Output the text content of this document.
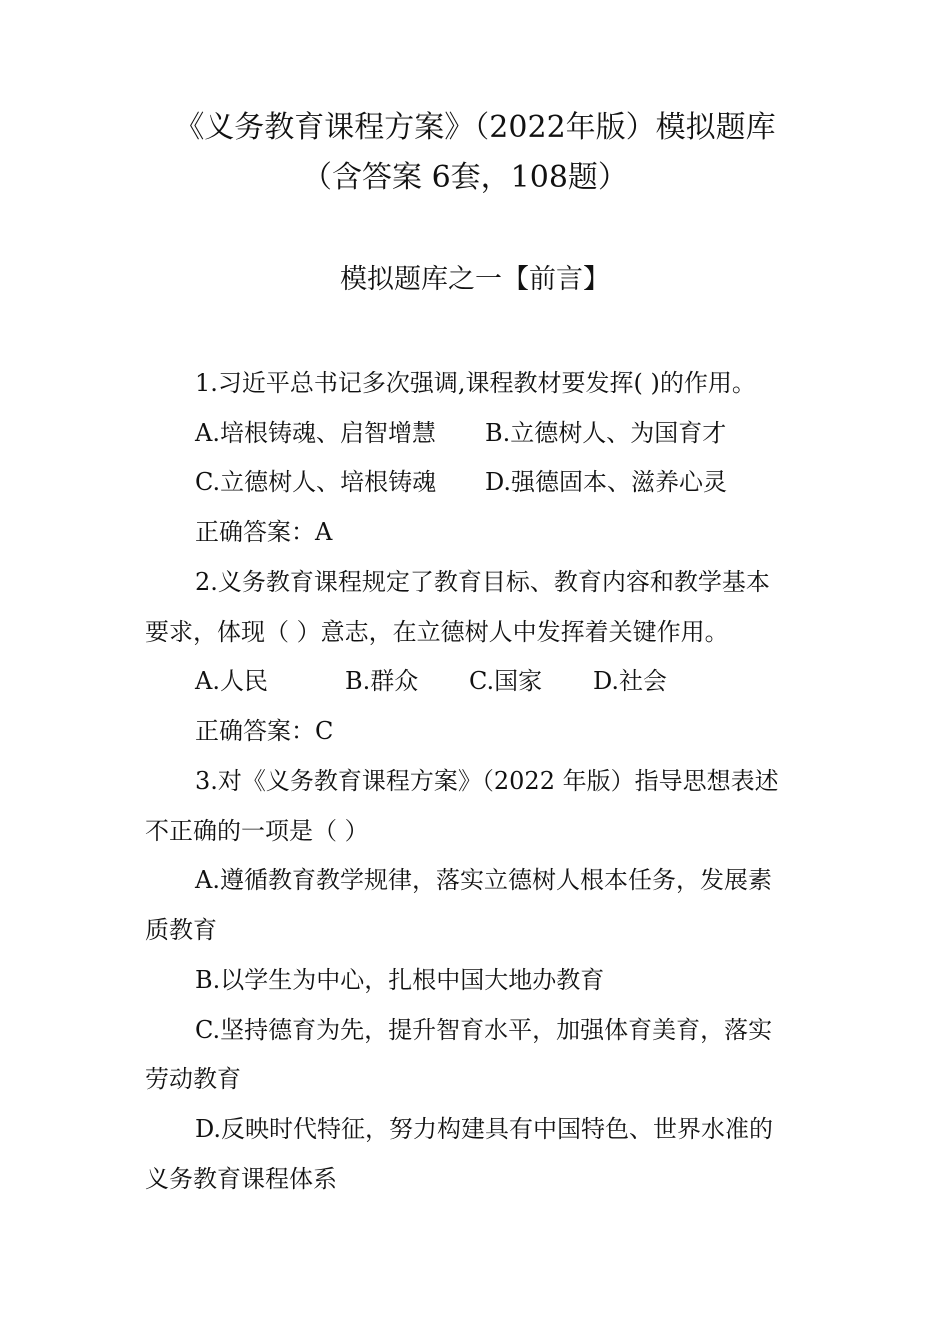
《义务教育课程方案》（2022年版）模拟题库
（含答案 6套，108题）
模拟题库之一【前言】
1.习近平总书记多次强调,课程教材要发挥( )的作用。
A.培根铸魂、启智增慧 B.立德树人、为国育才
C.立德树人、培根铸魂 D.强德固本、滋养心灵
正确答案：A
2.义务教育课程规定了教育目标、教育内容和教学基本
要求，体现（ ）意志，在立德树人中发挥着关键作用。
A.人民	B.群众 C.国家 D.社会
正确答案：C
3.对《义务教育课程方案》（2022 年版）指导思想表述
不正确的一项是（ ）
A.遵循教育教学规律，落实立德树人根本任务，发展素
质教育
B.以学生为中心，扎根中国大地办教育
C.坚持德育为先，提升智育水平，加强体育美育，落实
劳动教育
D.反映时代特征，努力构建具有中国特色、世界水准的
义务教育课程体系
